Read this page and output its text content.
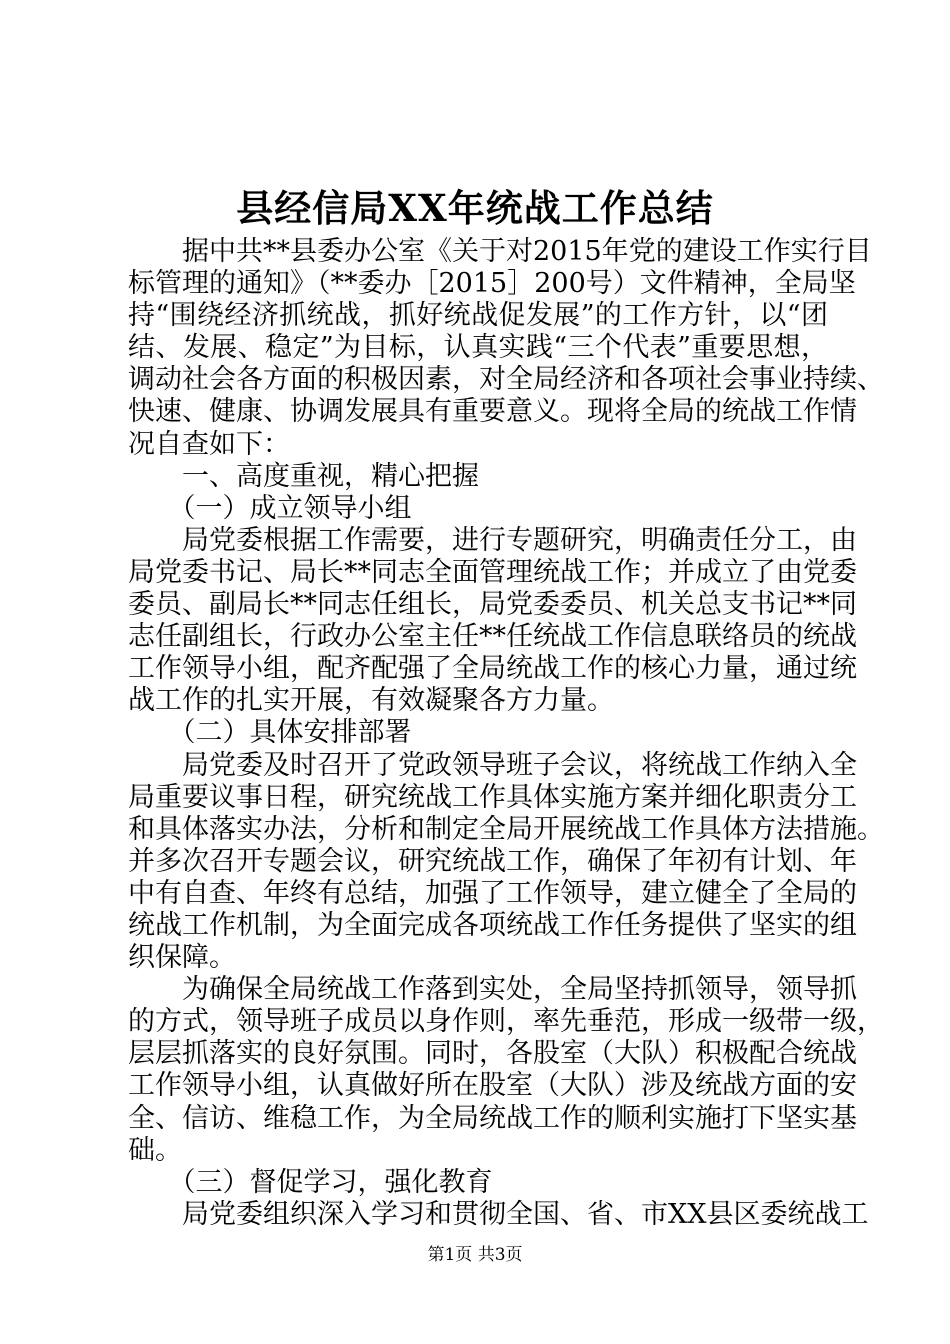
县经信局XX年统战工作总结
　　据中共**县委办公室《关于对2015年党的建设工作实行目
标管理的通知》（**委办［2015］200号）文件精神，全局坚
持“围绕经济抓统战，抓好统战促发展”的工作方针，以“团
结、发展、稳定”为目标，认真实践“三个代表”重要思想，
调动社会各方面的积极因素，对全局经济和各项社会事业持续、
快速、健康、协调发展具有重要意义。现将全局的统战工作情
况自查如下：
　　一、高度重视，精心把握
　　（一）成立领导小组
　　局党委根据工作需要，进行专题研究，明确责任分工，由
局党委书记、局长**同志全面管理统战工作；并成立了由党委
委员、副局长**同志任组长，局党委委员、机关总支书记**同
志任副组长，行政办公室主任**任统战工作信息联络员的统战
工作领导小组，配齐配强了全局统战工作的核心力量，通过统
战工作的扎实开展，有效凝聚各方力量。
　　（二）具体安排部署
　　局党委及时召开了党政领导班子会议，将统战工作纳入全
局重要议事日程，研究统战工作具体实施方案并细化职责分工
和具体落实办法，分析和制定全局开展统战工作具体方法措施。
并多次召开专题会议，研究统战工作，确保了年初有计划、年
中有自查、年终有总结，加强了工作领导，建立健全了全局的
统战工作机制，为全面完成各项统战工作任务提供了坚实的组
织保障。
　　为确保全局统战工作落到实处，全局坚持抓领导，领导抓
的方式，领导班子成员以身作则，率先垂范，形成一级带一级，
层层抓落实的良好氛围。同时，各股室（大队）积极配合统战
工作领导小组，认真做好所在股室（大队）涉及统战方面的安
全、信访、维稳工作，为全局统战工作的顺利实施打下坚实基
础。
　　（三）督促学习，强化教育
　　局党委组织深入学习和贯彻全国、省、市XX县区委统战工
第1页 共3页
